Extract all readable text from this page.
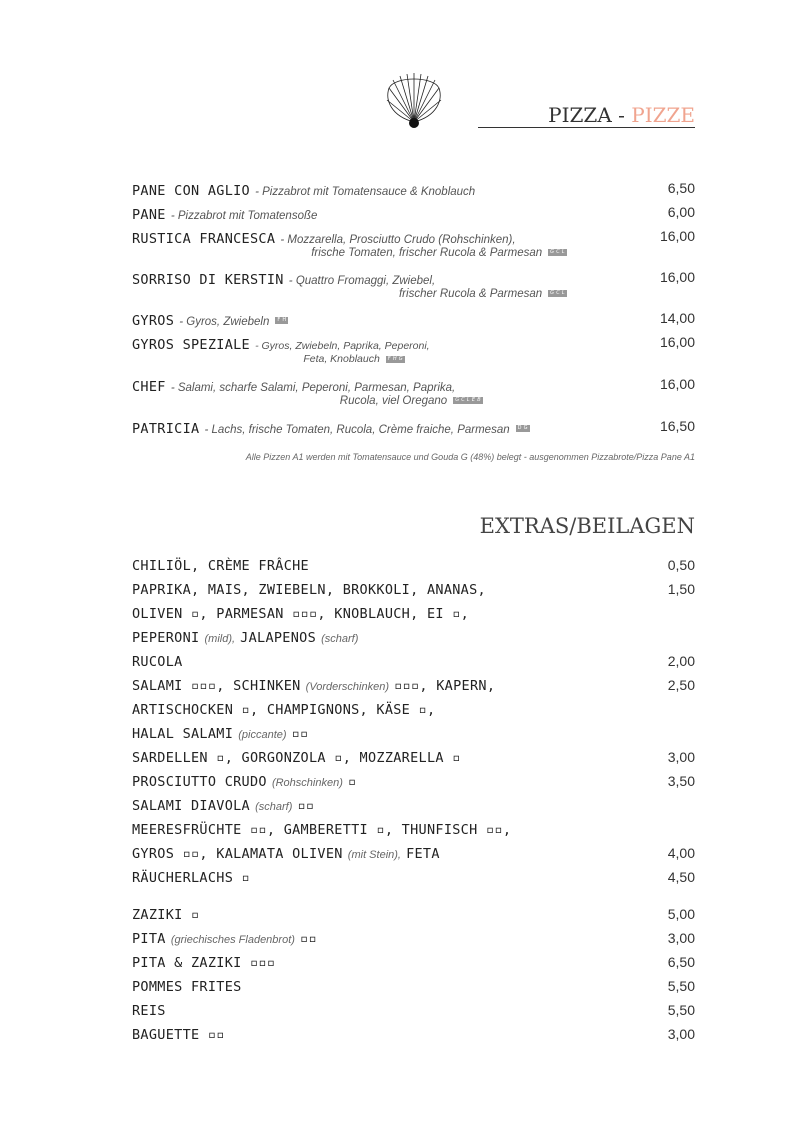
PIZZA - PIZZE
PANE CON AGLIO - Pizzabrot mit Tomatensauce & Knoblauch	6,50
PANE - Pizzabrot mit Tomatensoße	6,00
RUSTICA FRANCESCA - Mozzarella, Prosciutto Crudo (Rohschinken),	16,00
frische Tomaten, frischer Rucola & Parmesan G C L
SORRISO DI KERSTIN - Quattro Fromaggi, Zwiebel,	16,00
frischer Rucola & Parmesan G C L
GYROS - Gyros, Zwiebeln F H	14,00
GYROS SPEZIALE - Gyros, Zwiebeln, Paprika, Peperoni,	16,00
Feta, Knoblauch F H G
CHEF - Salami, scharfe Salami, Peperoni, Parmesan, Paprika,	16,00
Rucola, viel Oregano G C L E B
PATRICIA - Lachs, frische Tomaten, Rucola, Crème fraiche, Parmesan D G	16,50
Alle Pizzen A1 werden mit Tomatensauce und Gouda G (48%) belegt - ausgenommen Pizzabrote/Pizza Pane A1
EXTRAS/BEILAGEN
CHILIÖL, CRÈME FRÂCHE	0,50
PAPRIKA, MAIS, ZWIEBELN, BROKKOLI, ANANAS,	1,50
OLIVEN ▫, PARMESAN ▫▫▫, KNOBLAUCH, EI ▫,
PEPERONI (mild), JALAPENOS (scharf)
RUCOLA	2,00
SALAMI ▫▫▫, SCHINKEN (Vorderschinken) ▫▫▫, KAPERN,	2,50
ARTISCHOCKEN ▫, CHAMPIGNONS, KÄSE ▫,
HALAL SALAMI (piccante) ▫▫
SARDELLEN ▫, GORGONZOLA ▫, MOZZARELLA ▫	3,00
PROSCIUTTO CRUDO (Rohschinken) ▫	3,50
SALAMI DIAVOLA (scharf) ▫▫
MEERESFRÜCHTE ▫▫, GAMBERETTI ▫, THUNFISCH ▫▫,
GYROS ▫▫, KALAMATA OLIVEN (mit Stein), FETA	4,00
RÄUCHERLACHS ▫	4,50
ZAZIKI ▫	5,00
PITA (griechisches Fladenbrot) ▫▫	3,00
PITA & ZAZIKI ▫▫▫	6,50
POMMES FRITES	5,50
REIS	5,50
BAGUETTE ▫▫	3,00
